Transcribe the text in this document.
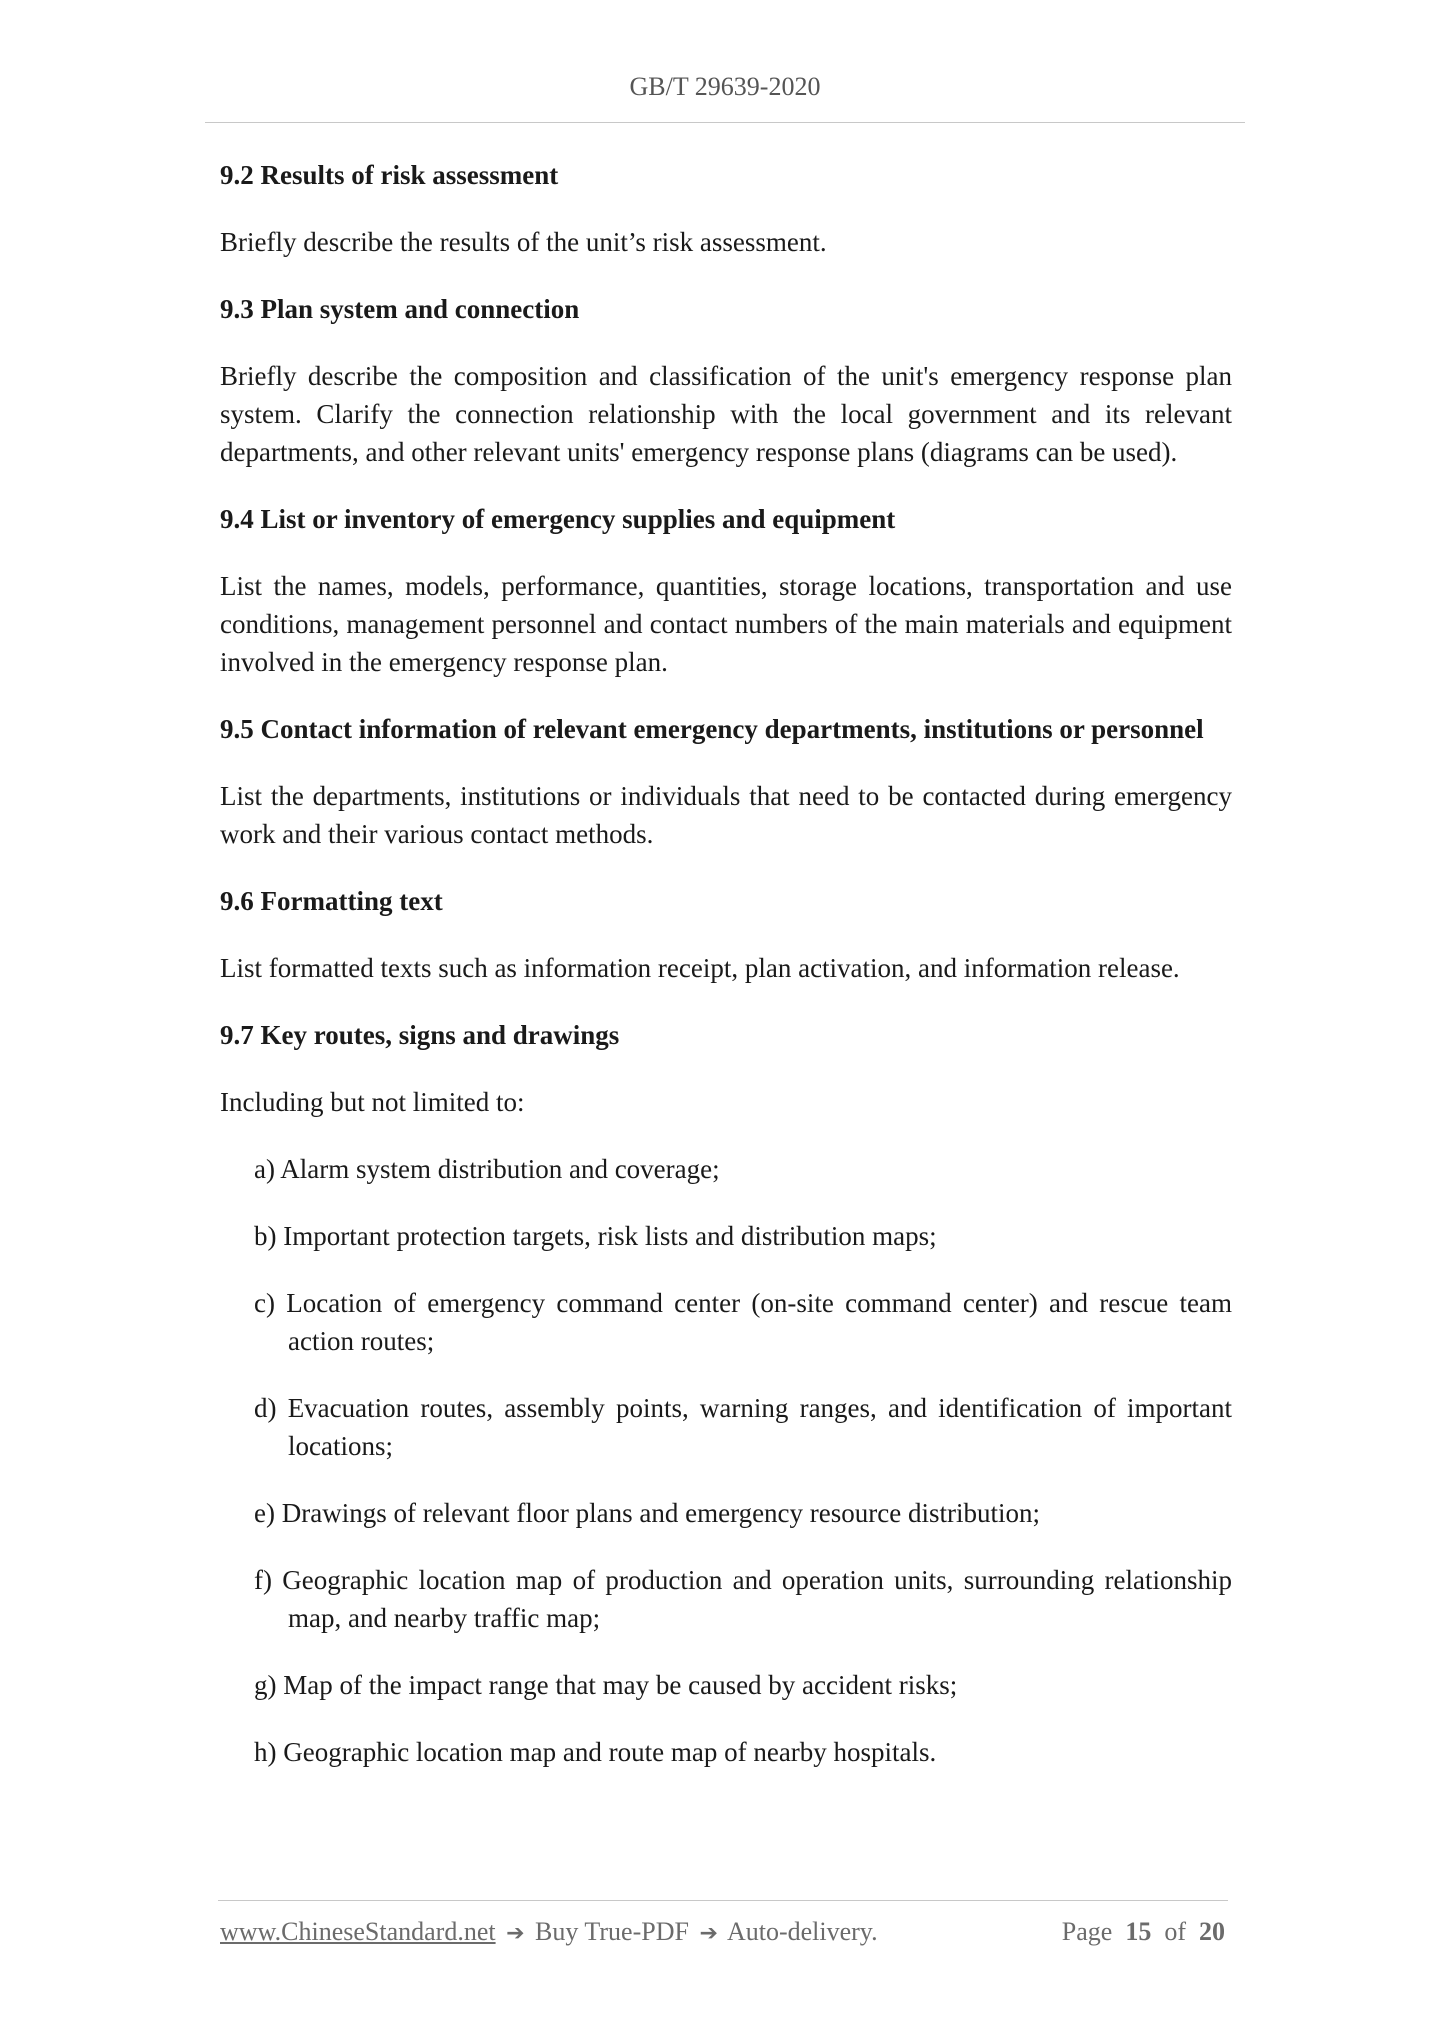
GB/T 29639-2020
9.2 Results of risk assessment
Briefly describe the results of the unit’s risk assessment.
9.3 Plan system and connection
Briefly describe the composition and classification of the unit's emergency response plan system. Clarify the connection relationship with the local government and its relevant departments, and other relevant units' emergency response plans (diagrams can be used).
9.4 List or inventory of emergency supplies and equipment
List the names, models, performance, quantities, storage locations, transportation and use conditions, management personnel and contact numbers of the main materials and equipment involved in the emergency response plan.
9.5 Contact information of relevant emergency departments, institutions or personnel
List the departments, institutions or individuals that need to be contacted during emergency work and their various contact methods.
9.6 Formatting text
List formatted texts such as information receipt, plan activation, and information release.
9.7 Key routes, signs and drawings
Including but not limited to:
a) Alarm system distribution and coverage;
b) Important protection targets, risk lists and distribution maps;
c) Location of emergency command center (on-site command center) and rescue team action routes;
d) Evacuation routes, assembly points, warning ranges, and identification of important locations;
e) Drawings of relevant floor plans and emergency resource distribution;
f) Geographic location map of production and operation units, surrounding relationship map, and nearby traffic map;
g) Map of the impact range that may be caused by accident risks;
h) Geographic location map and route map of nearby hospitals.
www.ChineseStandard.net ➔ Buy True-PDF ➔ Auto-delivery.	Page 15 of 20
